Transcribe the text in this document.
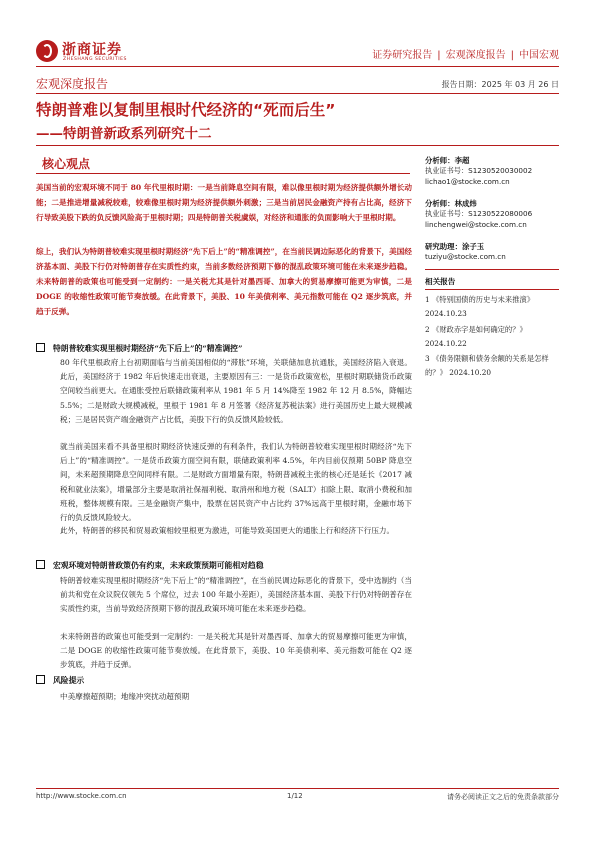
浙商证券
ZHESHANG SECURITIES	证券研究报告 | 宏观深度报告 | 中国宏观
宏观深度报告	报告日期：2025 年 03 月 26 日
特朗普难以复制里根时代经济的“死而后生”
——特朗普新政系列研究十二
核心观点
美国当前的宏观环境不同于 80 年代里根时期：一是当前降息空间有限，难以像里根时期为经济提供额外增长动能；二是推进增量减税较难，较难像里根时期为经济提供额外刺激；三是当前居民金融资产持有占比高，经济下行导致美股下跌的负反馈风险高于里根时期；四是特朗普关税虞娱，对经济和通胀的负面影响大于里根时期。
综上，我们认为特朗普较难实现里根时期经济“先下后上”的“精准调控”，在当前民调边际恶化的背景下，美国经济基本面、美股下行仍对特朗普存在实质性约束，当前多数经济预期下修的混乱政策环境可能在未来逐步趋稳。未来特朗普的政策也可能受到一定制约：一是关税尤其是针对墨西哥、加拿大的贸易摩擦可能更为审慎，二是 DOGE 的收缩性政策可能节奏放缓。在此背景下，美股、10 年美债利率、美元指数可能在 Q2 逐步筑底，并趋于反弹。
特朗普较难实现里根时期经济“先下后上”的“精准调控”
80 年代里根政府上台初期面临与当前美国相似的“滞胀”环境，关联储加息抗通胀，美国经济陷入衰退。此后，美国经济于 1982 年后快速走出衰退，主要原因有三：一是货币政策宽松，里根时期联储货币政策空间较当前更大。在通胀受控后联储政策利率从 1981 年 5 月 14%降至 1982 年 12 月 8.5%，降幅达 5.5%；二是财政大规模减税，里根于 1981 年 8 月签署《经济复苏税法案》进行美国历史上最大规模减税；三是居民资产端金融资产占比低，美股下行的负反馈风险较低。
就当前美国来看不具备里根时期经济快速反弹的有利条件，我们认为特朗普较难实现里根时期经济“先下后上”的“精准调控”。一是货币政策方面空间有限，联储政策利率 4.5%，年内目前仅预期 50BP 降息空间，未来超预期降息空间同样有限。二是财政方面增量有限，特朗普减税主张的核心还是延长《2017 减税和就业法案》，增量部分主要是取消社保福利税、取消州和地方税（SALT）扣除上限、取消小费税和加班税，整体规模有限。三是金融资产集中，股票在居民资产中占比约 37%远高于里根时期，金融市场下行的负反馈风险较大。
此外，特朗普的移民和贸易政策相较里根更为激进，可能导致美国更大的通胀上行和经济下行压力。
宏观环境对特朗普政策仍有约束，未来政策预期可能相对趋稳
特朗普较难实现里根时期经济“先下后上”的“精准调控”，在当前民调边际恶化的背景下，受中选制约（当前共和党在众议院仅领先 5 个席位，过去 100 年最小差距），美国经济基本面、美股下行仍对特朗普存在实质性约束，当前导致经济预期下修的混乱政策环境可能在未来逐步趋稳。
未来特朗普的政策也可能受到一定制约：一是关税尤其是针对墨西哥、加拿大的贸易摩擦可能更为审慎，二是 DOGE 的收缩性政策可能节奏放缓。在此背景下，美股、10 年美债利率、美元指数可能在 Q2 逐步筑底，并趋于反弹。
风险提示
中美摩擦超预期；地缘冲突扰动超预期
分析师：李超
执业证书号：S1230520030002
lichao1@stocke.com.cn
分析师：林成炜
执业证书号：S1230522080006
linchengwei@stocke.com.cn
研究助理：涂子玉
tuziyu@stocke.com.cn
相关报告
1 《特别国债的历史与未来推演》 2024.10.23
2 《财政赤字是如何确定的？》 2024.10.22
3 《债务限额和债务余额的关系是怎样的？》 2024.10.20
http://www.stocke.com.cn	1/12	请务必阅读正文之后的免责条款部分
